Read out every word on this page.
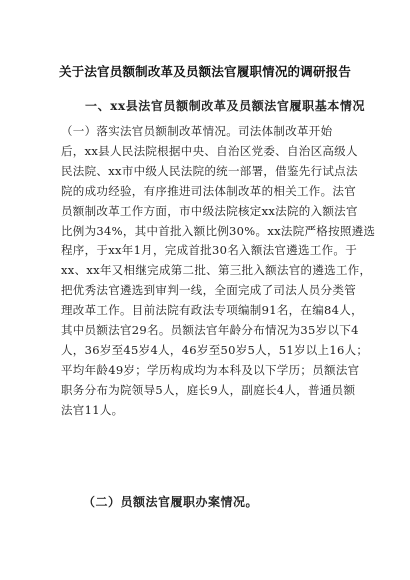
关于法官员额制改革及员额法官履职情况的调研报告
一、xx县法官员额制改革及员额法官履职基本情况

（一）落实法官员额制改革情况。司法体制改革开始
后，xx县人民法院根据中央、自治区党委、自治区高级人
民法院、xx市中级人民法院的统一部署，借鉴先行试点法
院的成功经验，有序推进司法体制改革的相关工作。法官
员额制改革工作方面，市中级法院核定xx法院的入额法官
比例为34%，其中首批入额比例30%。xx法院严格按照遴选
程序，于xx年1月，完成首批30名入额法官遴选工作。于
xx、xx年又相继完成第二批、第三批入额法官的遴选工作，
把优秀法官遴选到审判一线，全面完成了司法人员分类管
理改革工作。目前法院有政法专项编制91名，在编84人，
其中员额法官29名。员额法官年龄分布情况为35岁以下4
人，36岁至45岁4人，46岁至50岁5人，51岁以上16人；
平均年龄49岁；学历构成均为本科及以下学历；员额法官
职务分布为院领导5人，庭长9人，副庭长4人，普通员额
法官11人。

（二）员额法官履职办案情况。
